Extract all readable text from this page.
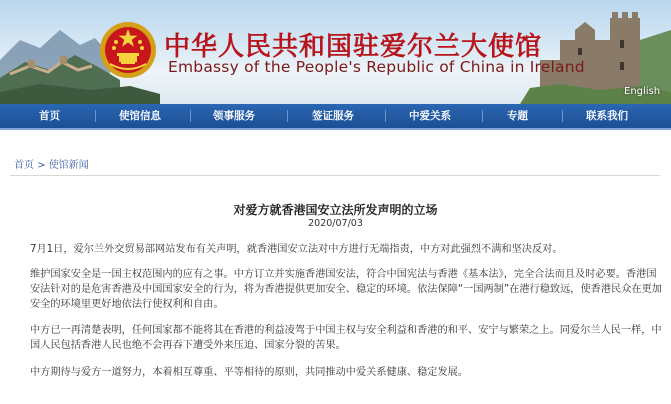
中华人民共和国驻爱尔兰大使馆
Embassy of the People's Republic of China in Ireland
English
首页	使馆信息	领事服务	签证服务	中爱关系	专题	联系我们
首页 > 使馆新闻
对爱方就香港国安立法所发声明的立场
2020/07/03

7月1日，爱尔兰外交贸易部网站发布有关声明，就香港国安立法对中方进行无端指责，中方对此强烈不满和坚决反对。

维护国家安全是一国主权范围内的应有之事。中方订立并实施香港国安法，符合中国宪法与香港《基本法》，完全合法而且及时必要。香港国安法针对的是危害香港及中国国家安全的行为，将为香港提供更加安全、稳定的环境。依法保障“一国两制”在港行稳致远，使香港民众在更加安全的环境里更好地依法行使权利和自由。

中方已一再清楚表明，任何国家都不能将其在香港的利益凌驾于中国主权与安全利益和香港的和平、安宁与繁荣之上。同爱尔兰人民一样，中国人民包括香港人民也绝不会再吞下遭受外来压迫、国家分裂的苦果。

中方期待与爱方一道努力，本着相互尊重、平等相待的原则，共同推动中爱关系健康、稳定发展。
